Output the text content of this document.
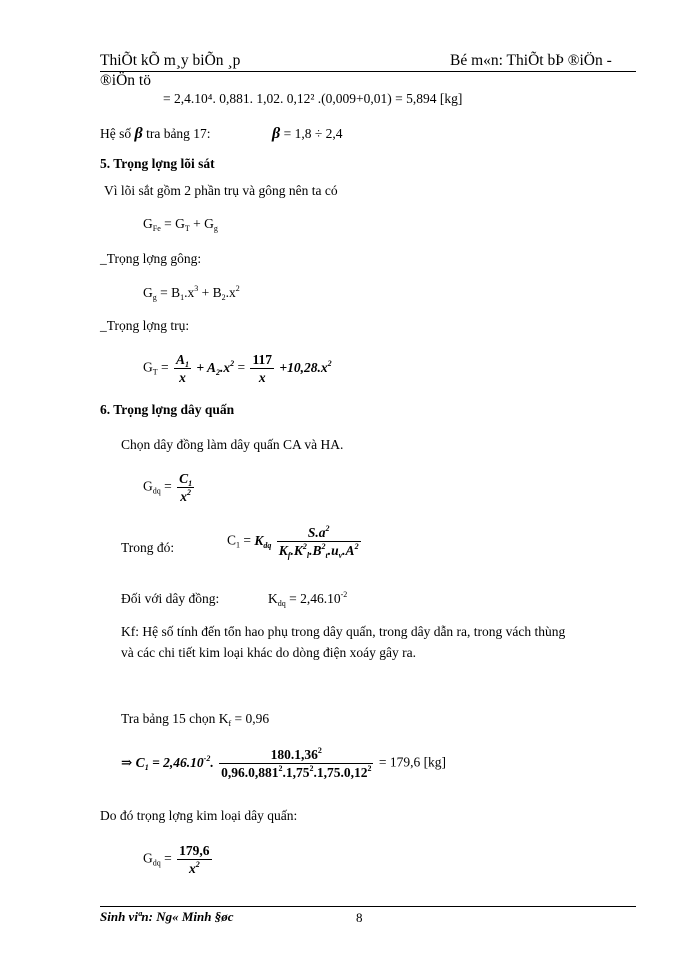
ThiÕt kÕ m¸y biÕn ¸p	Bé m«n: ThiÕt bÞ ®iÖn -
®iÖn tö
= 2,4.10⁴. 0,881. 1,02. 0,12² .(0,009+0,01) = 5,894 [kg]
Hệ số β tra bảng 17:	β = 1,8 ÷ 2,4
5. Trọng lợng lõi sát
Vì lõi sắt gồm 2 phần trụ và gông nên ta có
$G_{Fe} = G_T + G_g$
_Trọng lợng gông:
$G_g = B_1.x^3 + B_2.x^2$
_Trọng lợng trụ:
$G_T = \frac{A_1}{x} + A_2.x^2 = \frac{117}{x} +10,28.x^2$
6. Trọng lợng dây quấn
Chọn dây đồng làm dây quấn CA và HA.
$G_{dq} = \frac{C_1}{x^2}$
Trong đó:	$C_1 = K_{dq} \frac{S.a^2}{K_f.K^2_l.B^2_t.u_v.A^2}$
Đối với dây đồng:	$K_{dq} = 2,46.10^{-2}$
Kf: Hệ số tính đến tổn hao phụ trong dây quấn, trong dây dẫn ra, trong vách thùng
và các chi tiết kim loại khác do dòng điện xoáy gây ra.
Tra bảng 15 chọn $K_f = 0,96$
⇒ $C_1 = 2,46.10^{-2}$. $\frac{180.1,36^2}{0,96.0,881^2.1,75^2.1,75.0,12^2} = 179,6$ [kg]
Do đó trọng lợng kim loại dây quấn:
$G_{dq} = \frac{179,6}{x^2}$
Sinh viªn: Ng« Minh §øc	8
